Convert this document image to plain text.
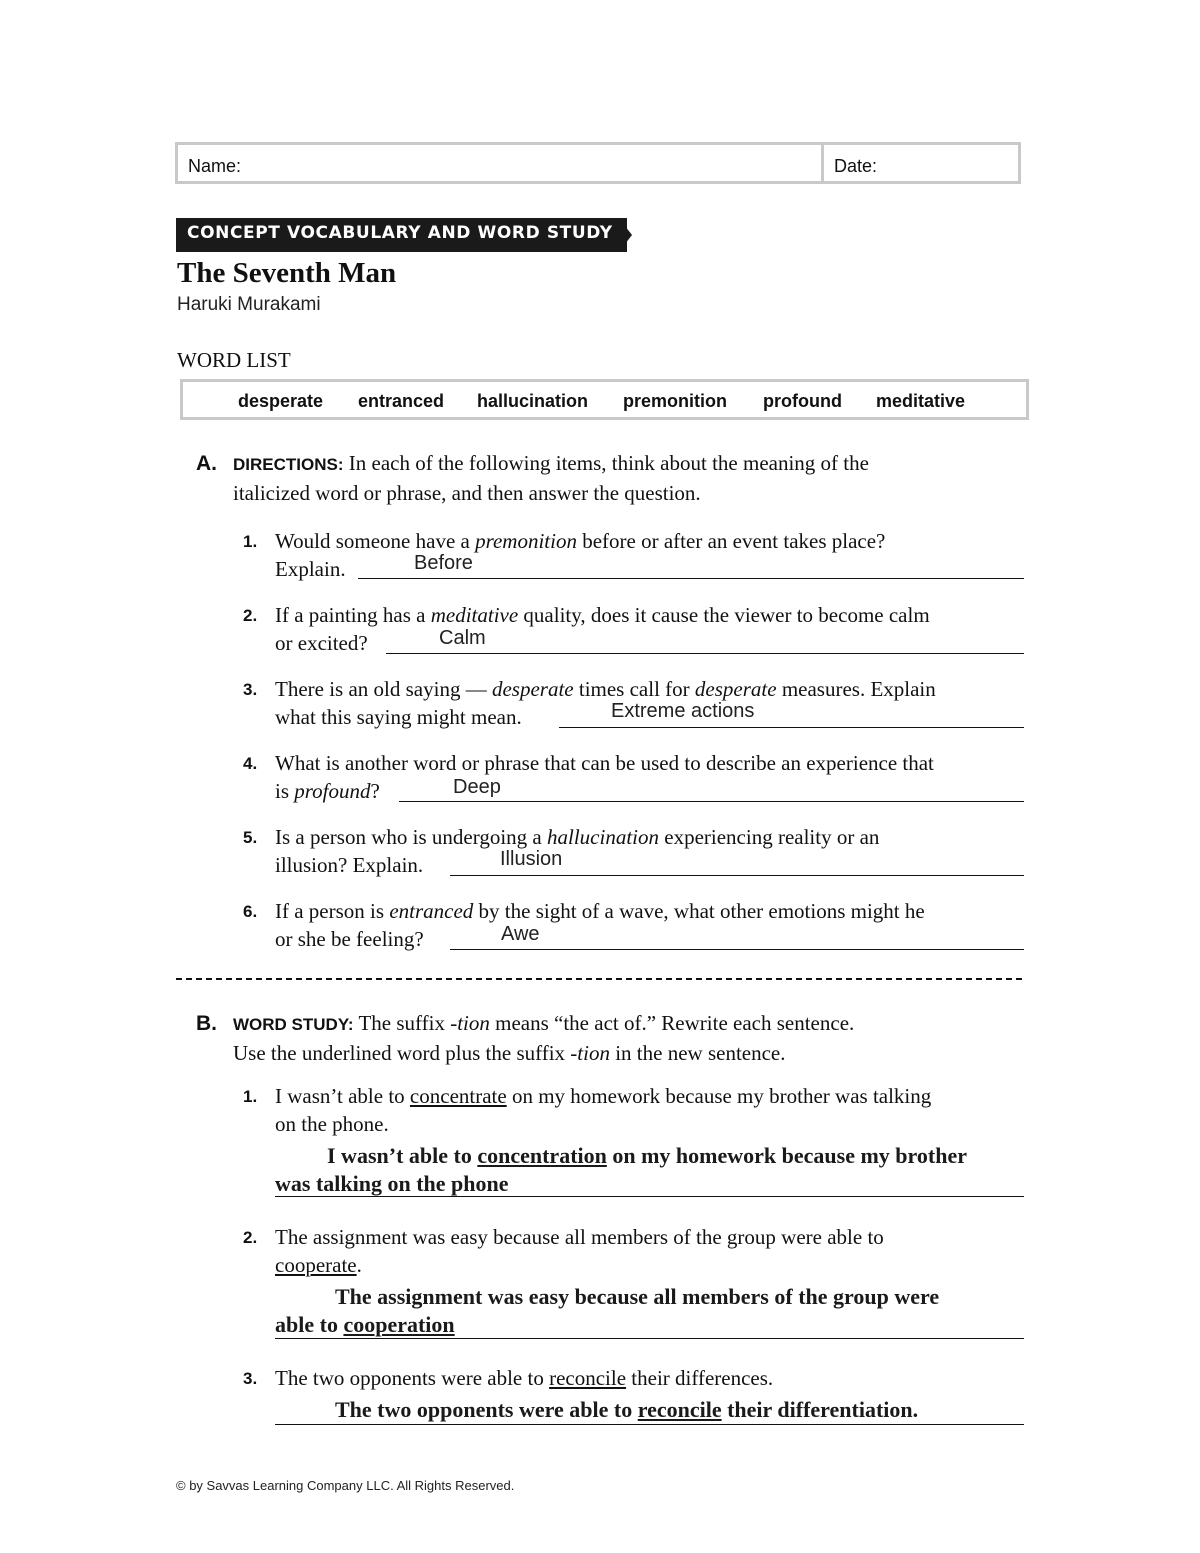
Name:	Date:
CONCEPT VOCABULARY AND WORD STUDY
The Seventh Man
Haruki Murakami
WORD LIST
desperate entranced hallucination premonition profound meditative
A. DIRECTIONS: In each of the following items, think about the meaning of the
italicized word or phrase, and then answer the question.
1. Would someone have a premonition before or after an event takes place?
Explain.	Before
2. If a painting has a meditative quality, does it cause the viewer to become calm
or excited?	Calm
3. There is an old saying — desperate times call for desperate measures. Explain
what this saying might mean.	Extreme actions
4. What is another word or phrase that can be used to describe an experience that
is profound?	Deep
5. Is a person who is undergoing a hallucination experiencing reality or an
illusion? Explain.	Illusion
6. If a person is entranced by the sight of a wave, what other emotions might he
or she be feeling?	Awe
B. WORD STUDY: The suffix -tion means “the act of.” Rewrite each sentence.
Use the underlined word plus the suffix -tion in the new sentence.
1. I wasn’t able to concentrate on my homework because my brother was talking
on the phone.
I wasn’t able to concentration on my homework because my brother
was talking on the phone
2. The assignment was easy because all members of the group were able to
cooperate.
The assignment was easy because all members of the group were
able to cooperation
3. The two opponents were able to reconcile their differences.
The two opponents were able to reconcile their differentiation.
© by Savvas Learning Company LLC. All Rights Reserved.
